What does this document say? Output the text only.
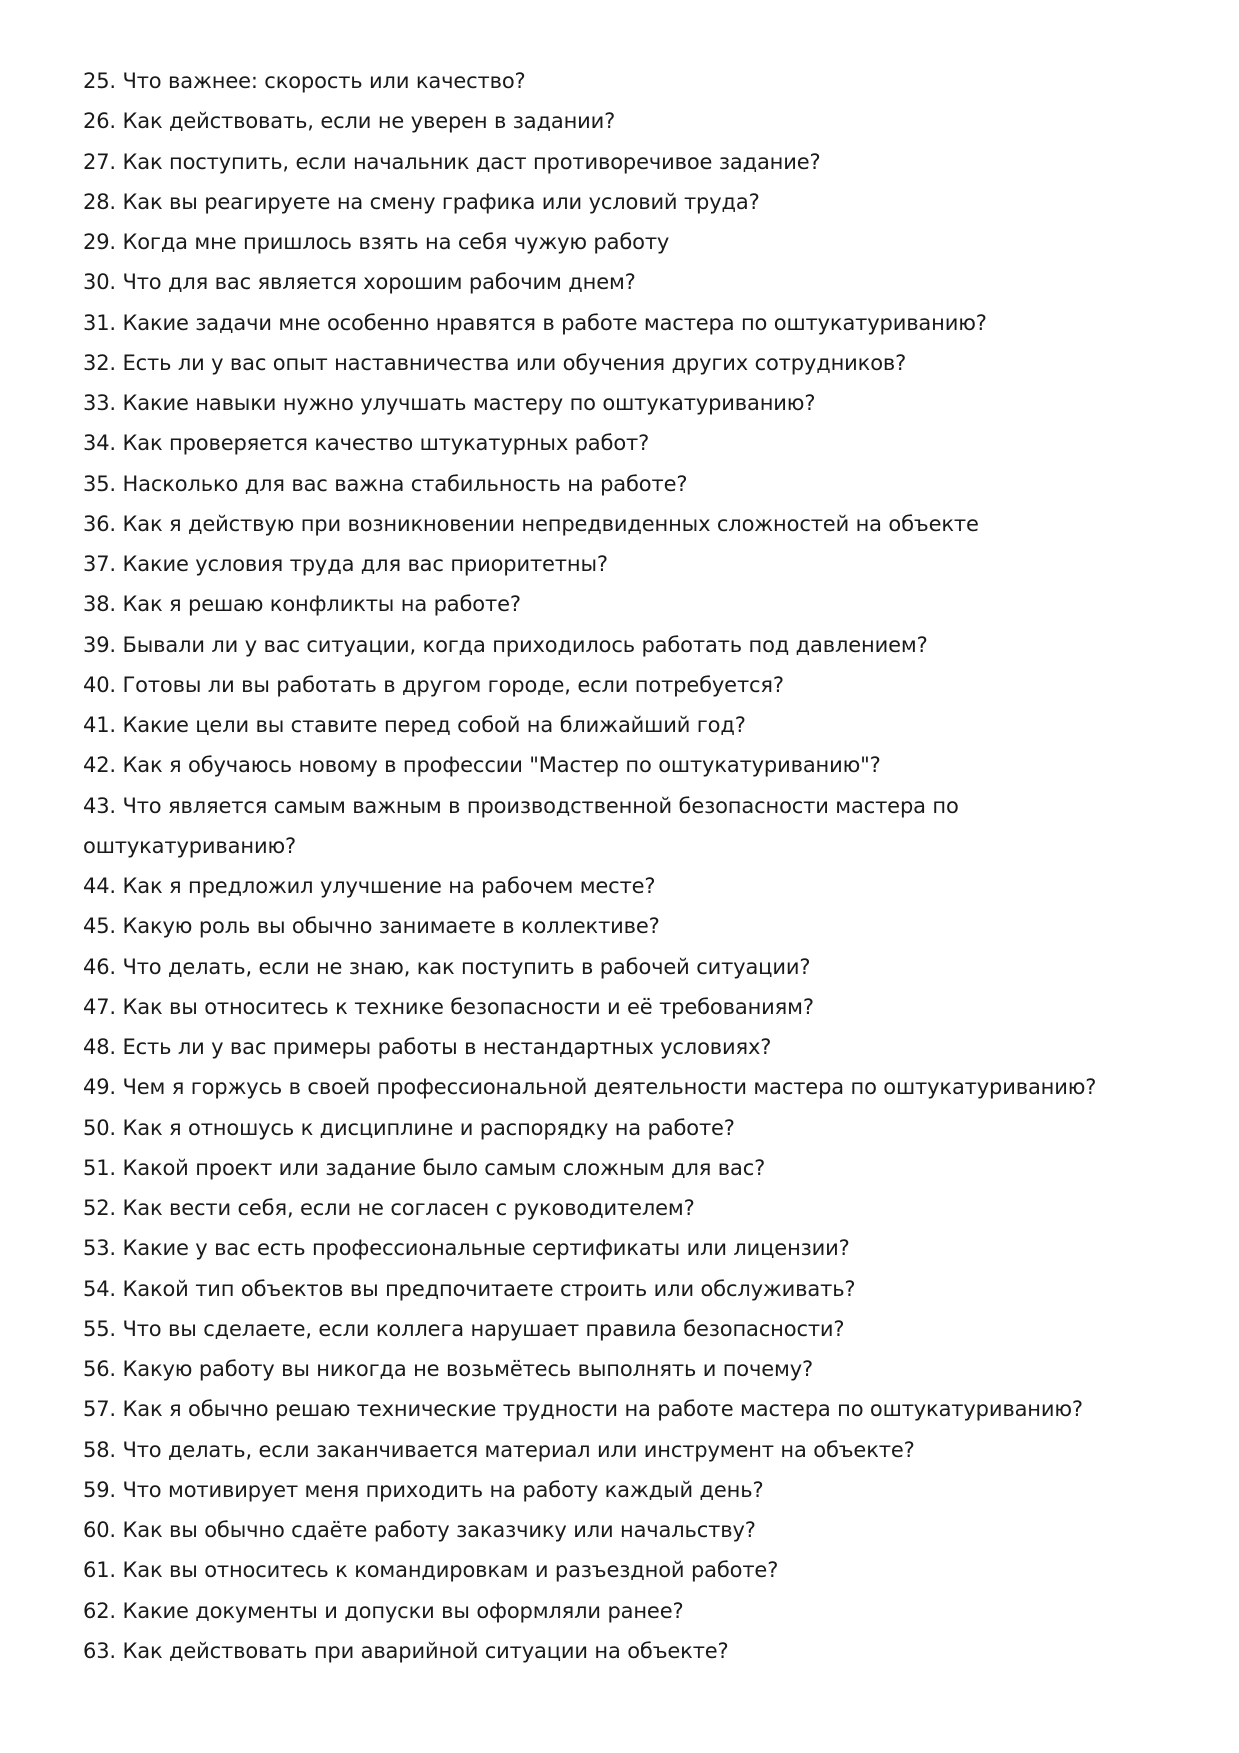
25. Что важнее: скорость или качество?
26. Как действовать, если не уверен в задании?
27. Как поступить, если начальник даст противоречивое задание?
28. Как вы реагируете на смену графика или условий труда?
29. Когда мне пришлось взять на себя чужую работу
30. Что для вас является хорошим рабочим днем?
31. Какие задачи мне особенно нравятся в работе мастера по оштукатуриванию?
32. Есть ли у вас опыт наставничества или обучения других сотрудников?
33. Какие навыки нужно улучшать мастеру по оштукатуриванию?
34. Как проверяется качество штукатурных работ?
35. Насколько для вас важна стабильность на работе?
36. Как я действую при возникновении непредвиденных сложностей на объекте
37. Какие условия труда для вас приоритетны?
38. Как я решаю конфликты на работе?
39. Бывали ли у вас ситуации, когда приходилось работать под давлением?
40. Готовы ли вы работать в другом городе, если потребуется?
41. Какие цели вы ставите перед собой на ближайший год?
42. Как я обучаюсь новому в профессии "Мастер по оштукатуриванию"?
43. Что является самым важным в производственной безопасности мастера по оштукатуриванию?
44. Как я предложил улучшение на рабочем месте?
45. Какую роль вы обычно занимаете в коллективе?
46. Что делать, если не знаю, как поступить в рабочей ситуации?
47. Как вы относитесь к технике безопасности и её требованиям?
48. Есть ли у вас примеры работы в нестандартных условиях?
49. Чем я горжусь в своей профессиональной деятельности мастера по оштукатуриванию?
50. Как я отношусь к дисциплине и распорядку на работе?
51. Какой проект или задание было самым сложным для вас?
52. Как вести себя, если не согласен с руководителем?
53. Какие у вас есть профессиональные сертификаты или лицензии?
54. Какой тип объектов вы предпочитаете строить или обслуживать?
55. Что вы сделаете, если коллега нарушает правила безопасности?
56. Какую работу вы никогда не возьмётесь выполнять и почему?
57. Как я обычно решаю технические трудности на работе мастера по оштукатуриванию?
58. Что делать, если заканчивается материал или инструмент на объекте?
59. Что мотивирует меня приходить на работу каждый день?
60. Как вы обычно сдаёте работу заказчику или начальству?
61. Как вы относитесь к командировкам и разъездной работе?
62. Какие документы и допуски вы оформляли ранее?
63. Как действовать при аварийной ситуации на объекте?
